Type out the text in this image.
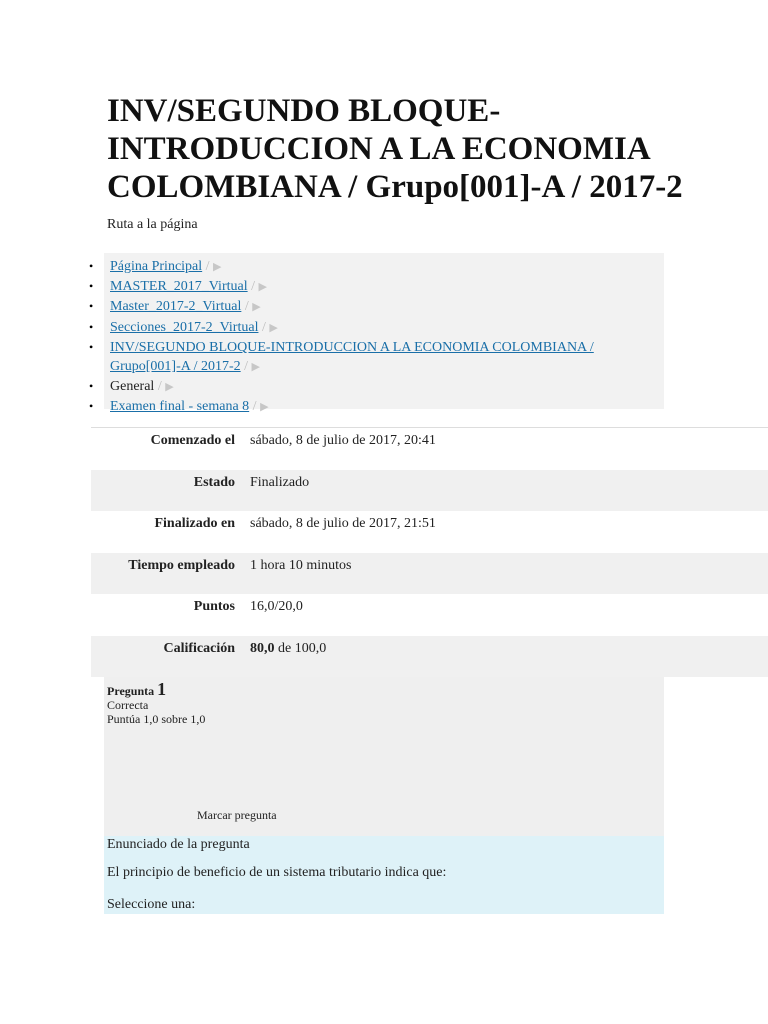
INV/SEGUNDO BLOQUE-
INTRODUCCION A LA ECONOMIA
COLOMBIANA / Grupo[001]-A / 2017-2
Ruta a la página
• Página Principal / ▶
• MASTER_2017_Virtual / ▶
• Master_2017-2_Virtual / ▶
• Secciones_2017-2_Virtual / ▶
• INV/SEGUNDO BLOQUE-INTRODUCCION A LA ECONOMIA COLOMBIANA / Grupo[001]-A / 2017-2 / ▶
• General / ▶
• Examen final - semana 8 / ▶
Comenzado el	sábado, 8 de julio de 2017, 20:41
Estado	Finalizado
Finalizado en	sábado, 8 de julio de 2017, 21:51
Tiempo empleado	1 hora 10 minutos
Puntos	16,0/20,0
Calificación	80,0 de 100,0
Pregunta 1
Correcta
Puntúa 1,0 sobre 1,0
Marcar pregunta

Enunciado de la pregunta

El principio de beneficio de un sistema tributario indica que:

Seleccione una:
